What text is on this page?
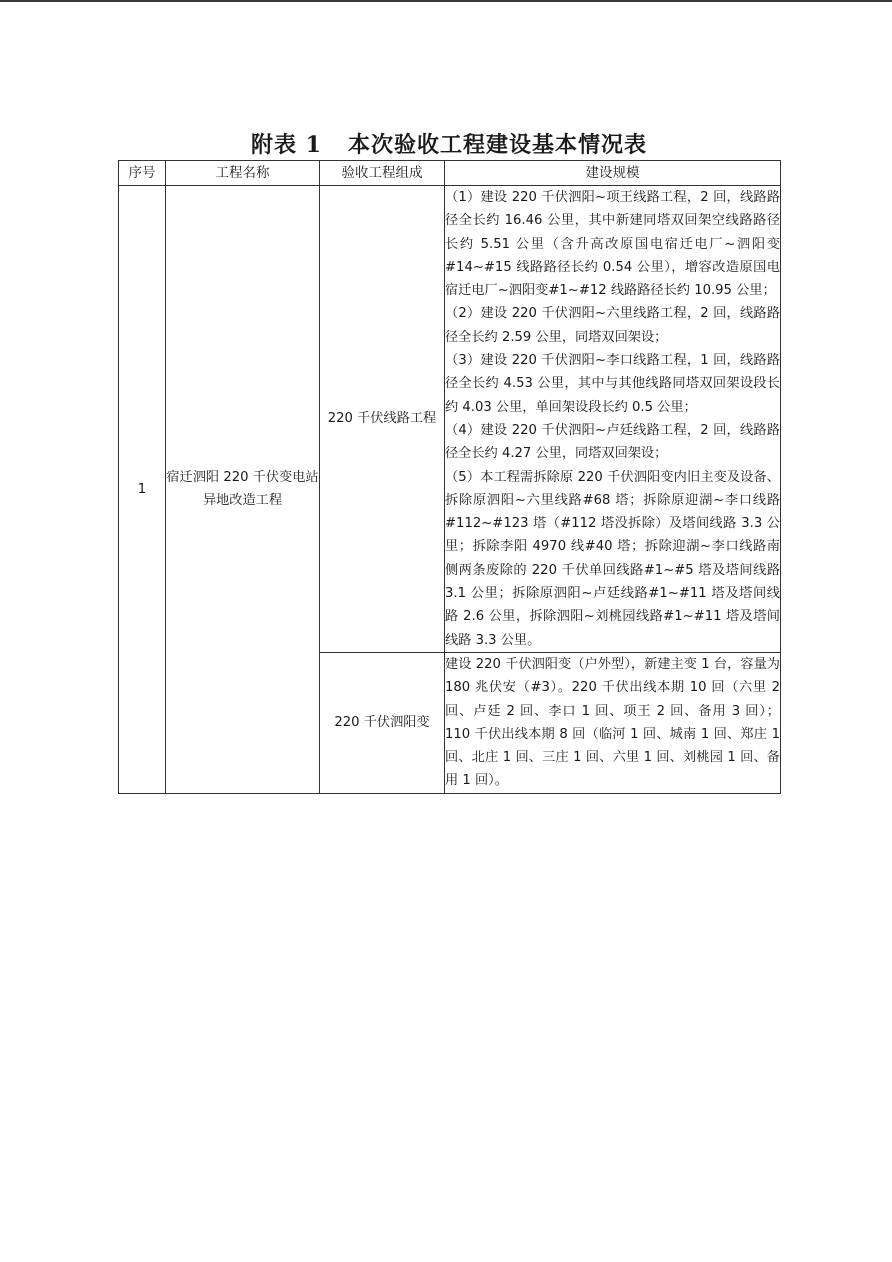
附表 1   本次验收工程建设基本情况表
序号	工程名称	验收工程组成	建设规模
1	宿迁泗阳 220 千伏变电站异地改造工程	220 千伏线路工程	（1）建设 220 千伏泗阳~项王线路工程，2 回，线路路径全长约 16.46 公里，其中新建同塔双回架空线路路径长约 5.51 公里（含升高改原国电宿迁电厂~泗阳变#14~#15 线路路径长约 0.54 公里），增容改造原国电宿迁电厂~泗阳变#1~#12 线路路径长约 10.95 公里；
（2）建设 220 千伏泗阳~六里线路工程，2 回，线路路径全长约 2.59 公里，同塔双回架设；
（3）建设 220 千伏泗阳~李口线路工程，1 回，线路路径全长约 4.53 公里，其中与其他线路同塔双回架设段长约 4.03 公里，单回架设段长约 0.5 公里；
（4）建设 220 千伏泗阳~卢廷线路工程，2 回，线路路径全长约 4.27 公里，同塔双回架设；
（5）本工程需拆除原 220 千伏泗阳变内旧主变及设备、拆除原泗阳~六里线路#68 塔；拆除原迎湖~李口线路#112~#123 塔（#112 塔没拆除）及塔间线路 3.3 公里；拆除李阳 4970 线#40 塔；拆除迎湖~李口线路南侧两条废除的 220 千伏单回线路#1~#5 塔及塔间线路 3.1 公里；拆除原泗阳~卢廷线路#1~#11 塔及塔间线路 2.6 公里，拆除泗阳~刘桃园线路#1~#11 塔及塔间线路 3.3 公里。

		220 千伏泗阳变	建设 220 千伏泗阳变（户外型），新建主变 1 台，容量为 180 兆伏安（#3）。220 千伏出线本期 10 回（六里 2 回、卢廷 2 回、李口 1 回、项王 2 回、备用 3 回）；110 千伏出线本期 8 回（临河 1 回、城南 1 回、郑庄 1 回、北庄 1 回、三庄 1 回、六里 1 回、刘桃园 1 回、备用 1 回）。
